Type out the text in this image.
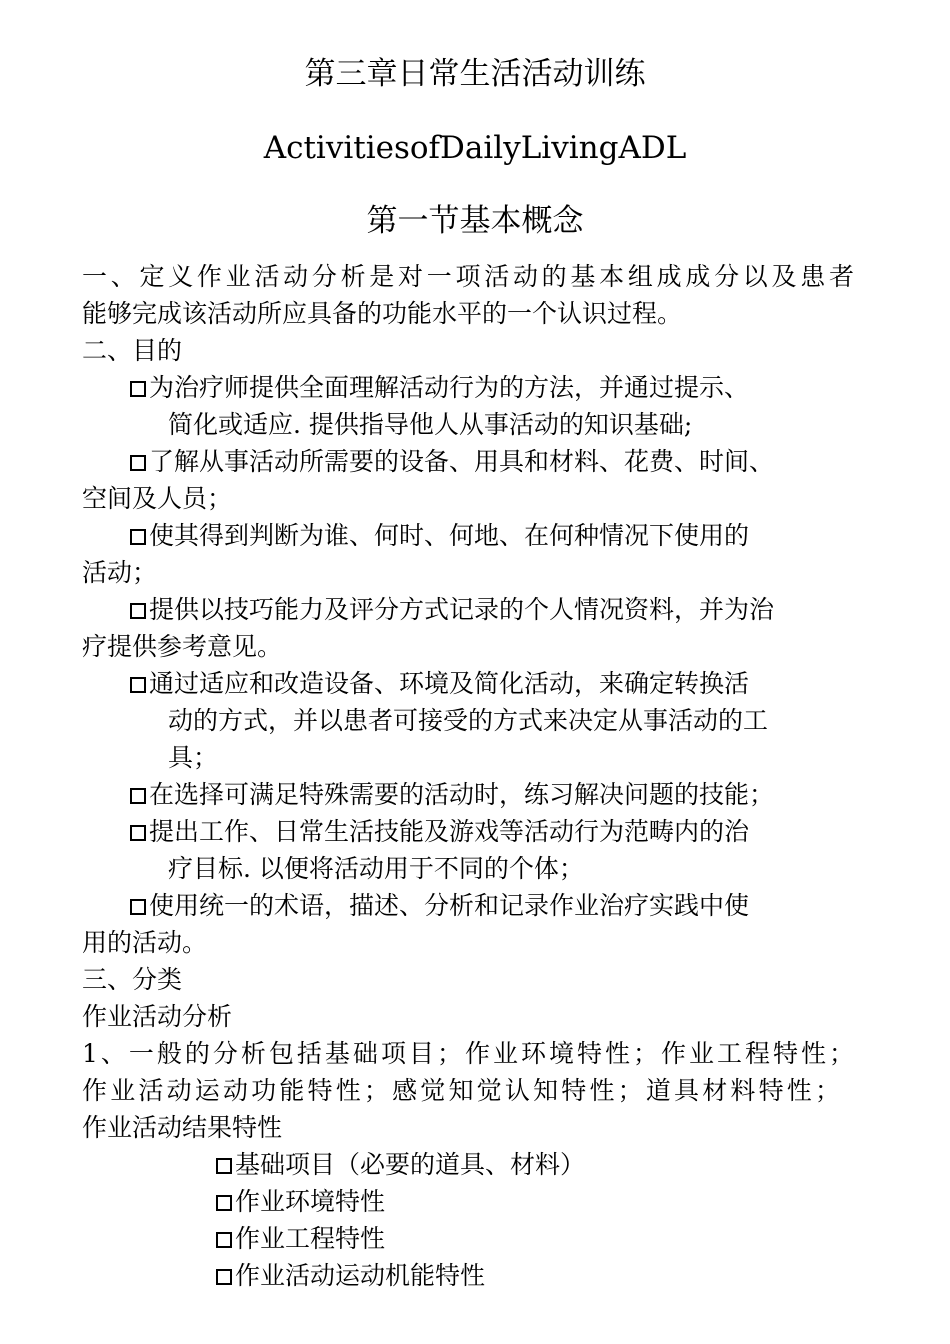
第三章日常生活活动训练
ActivitiesofDailyLivingADL
第一节基本概念

一、定义作业活动分析是对一项活动的基本组成成分以及患者

能够完成该活动所应具备的功能水平的一个认识过程。

二、目的

为治疗师提供全面理解活动行为的方法，并通过提示、

简化或适应. 提供指导他人从事活动的知识基础;

了解从事活动所需要的设备、用具和材料、花费、时间、

空间及人员；

使其得到判断为谁、何时、何地、在何种情况下使用的

活动；

提供以技巧能力及评分方式记录的个人情况资料，并为治

疗提供参考意见。

通过适应和改造设备、环境及简化活动，来确定转换活

动的方式，并以患者可接受的方式来决定从事活动的工

具；

在选择可满足特殊需要的活动时，练习解决问题的技能；

提出工作、日常生活技能及游戏等活动行为范畴内的治

疗目标. 以便将活动用于不同的个体；

使用统一的术语，描述、分析和记录作业治疗实践中使

用的活动。

三、分类

作业活动分析

1、一般的分析包括基础项目；作业环境特性；作业工程特性；

作业活动运动功能特性；感觉知觉认知特性；道具材料特性；

作业活动结果特性

基础项目（必要的道具、材料）

作业环境特性

作业工程特性

作业活动运动机能特性
